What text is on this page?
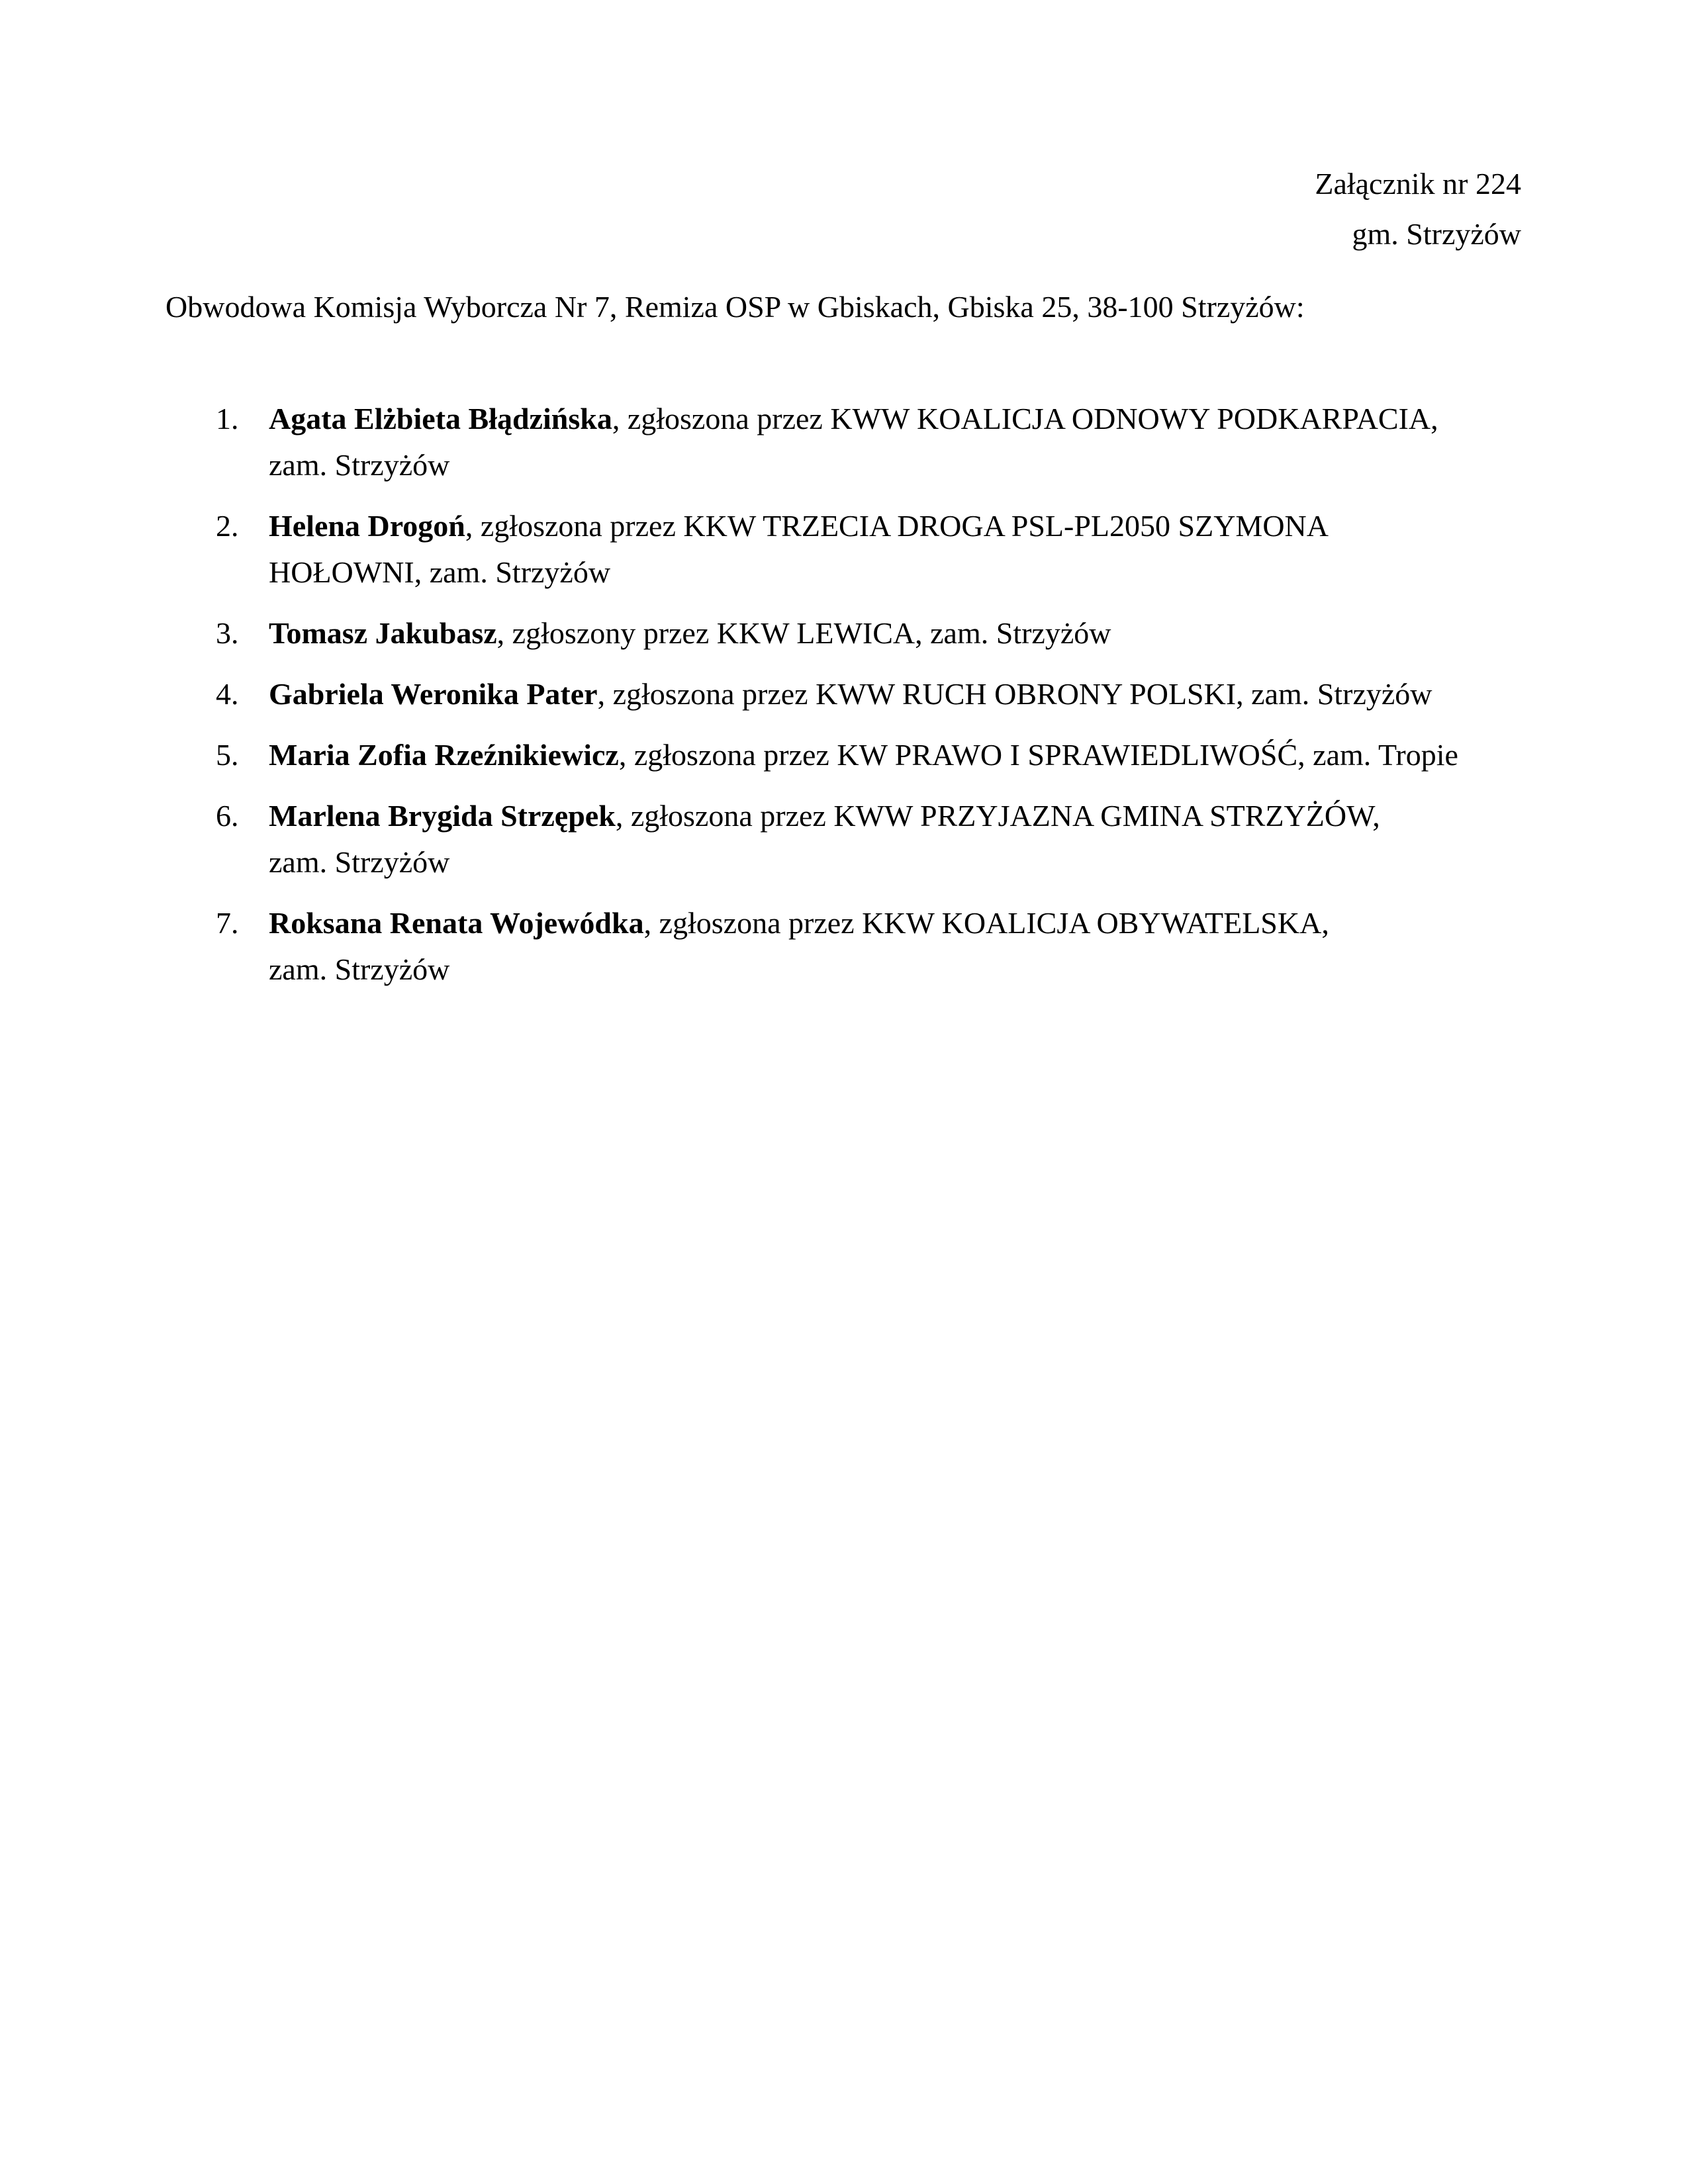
Załącznik nr 224
gm. Strzyżów
Obwodowa Komisja Wyborcza Nr 7, Remiza OSP w Gbiskach, Gbiska 25, 38-100 Strzyżów:
1. Agata Elżbieta Błądzińska, zgłoszona przez KWW KOALICJA ODNOWY PODKARPACIA,
zam. Strzyżów
2. Helena Drogoń, zgłoszona przez KKW TRZECIA DROGA PSL-PL2050 SZYMONA
HOŁOWNI, zam. Strzyżów
3. Tomasz Jakubasz, zgłoszony przez KKW LEWICA, zam. Strzyżów
4. Gabriela Weronika Pater, zgłoszona przez KWW RUCH OBRONY POLSKI, zam. Strzyżów
5. Maria Zofia Rzeźnikiewicz, zgłoszona przez KW PRAWO I SPRAWIEDLIWOŚĆ, zam. Tropie
6. Marlena Brygida Strzępek, zgłoszona przez KWW PRZYJAZNA GMINA STRZYŻÓW,
zam. Strzyżów
7. Roksana Renata Wojewódka, zgłoszona przez KKW KOALICJA OBYWATELSKA,
zam. Strzyżów
